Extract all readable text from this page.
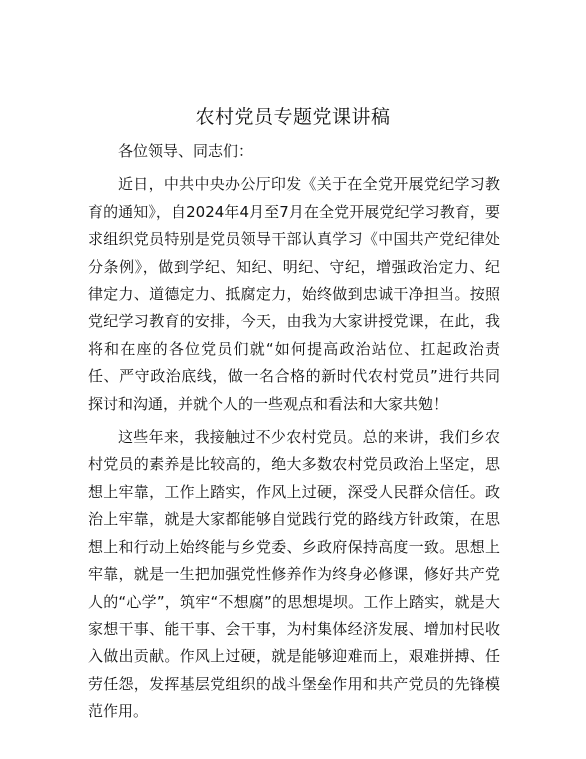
农村党员专题党课讲稿

各位领导、同志们：

近日，中共中央办公厅印发《关于在全党开展党纪学习教育的通知》，自2024年4月至7月在全党开展党纪学习教育，要求组织党员特别是党员领导干部认真学习《中国共产党纪律处分条例》，做到学纪、知纪、明纪、守纪，增强政治定力、纪律定力、道德定力、抵腐定力，始终做到忠诚干净担当。按照党纪学习教育的安排，今天，由我为大家讲授党课，在此，我将和在座的各位党员们就“如何提高政治站位、扛起政治责任、严守政治底线，做一名合格的新时代农村党员”进行共同探讨和沟通，并就个人的一些观点和看法和大家共勉！

这些年来，我接触过不少农村党员。总的来讲，我们乡农村党员的素养是比较高的，绝大多数农村党员政治上坚定，思想上牢靠，工作上踏实，作风上过硬，深受人民群众信任。政治上牢靠，就是大家都能够自觉践行党的路线方针政策，在思想上和行动上始终能与乡党委、乡政府保持高度一致。思想上牢靠，就是一生把加强党性修养作为终身必修课，修好共产党人的“心学”，筑牢“不想腐”的思想堤坝。工作上踏实，就是大家想干事、能干事、会干事，为村集体经济发展、增加村民收入做出贡献。作风上过硬，就是能够迎难而上，艰难拼搏、任劳任怨，发挥基层党组织的战斗堡垒作用和共产党员的先锋模范作用。
